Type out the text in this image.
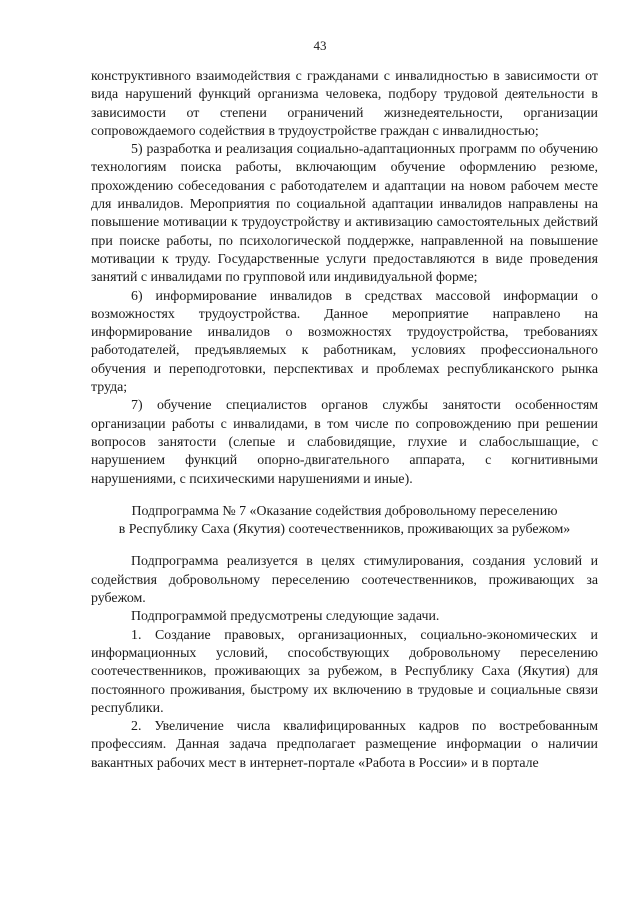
43

конструктивного взаимодействия с гражданами с инвалидностью в зависимости от вида нарушений функций организма человека, подбору трудовой деятельности в зависимости от степени ограничений жизнедеятельности, организации сопровождаемого содействия в трудоустройстве граждан с инвалидностью;

5) разработка и реализация социально-адаптационных программ по обучению технологиям поиска работы, включающим обучение оформлению резюме, прохождению собеседования с работодателем и адаптации на новом рабочем месте для инвалидов. Мероприятия по социальной адаптации инвалидов направлены на повышение мотивации к трудоустройству и активизацию самостоятельных действий при поиске работы, по психологической поддержке, направленной на повышение мотивации к труду. Государственные услуги предоставляются в виде проведения занятий с инвалидами по групповой или индивидуальной форме;

6) информирование инвалидов в средствах массовой информации о возможностях трудоустройства. Данное мероприятие направлено на информирование инвалидов о возможностях трудоустройства, требованиях работодателей, предъявляемых к работникам, условиях профессионального обучения и переподготовки, перспективах и проблемах республиканского рынка труда;

7) обучение специалистов органов службы занятости особенностям организации работы с инвалидами, в том числе по сопровождению при решении вопросов занятости (слепые и слабовидящие, глухие и слабослышащие, с нарушением функций опорно-двигательного аппарата, с когнитивными нарушениями, с психическими нарушениями и иные).

Подпрограмма № 7 «Оказание содействия добровольному переселению
в Республику Саха (Якутия) соотечественников, проживающих за рубежом»

Подпрограмма реализуется в целях стимулирования, создания условий и содействия добровольному переселению соотечественников, проживающих за рубежом.

Подпрограммой предусмотрены следующие задачи.

1. Создание правовых, организационных, социально-экономических и информационных условий, способствующих добровольному переселению соотечественников, проживающих за рубежом, в Республику Саха (Якутия) для постоянного проживания, быстрому их включению в трудовые и социальные связи республики.

2. Увеличение числа квалифицированных кадров по востребованным профессиям. Данная задача предполагает размещение информации о наличии вакантных рабочих мест в интернет-портале «Работа в России» и в портале
